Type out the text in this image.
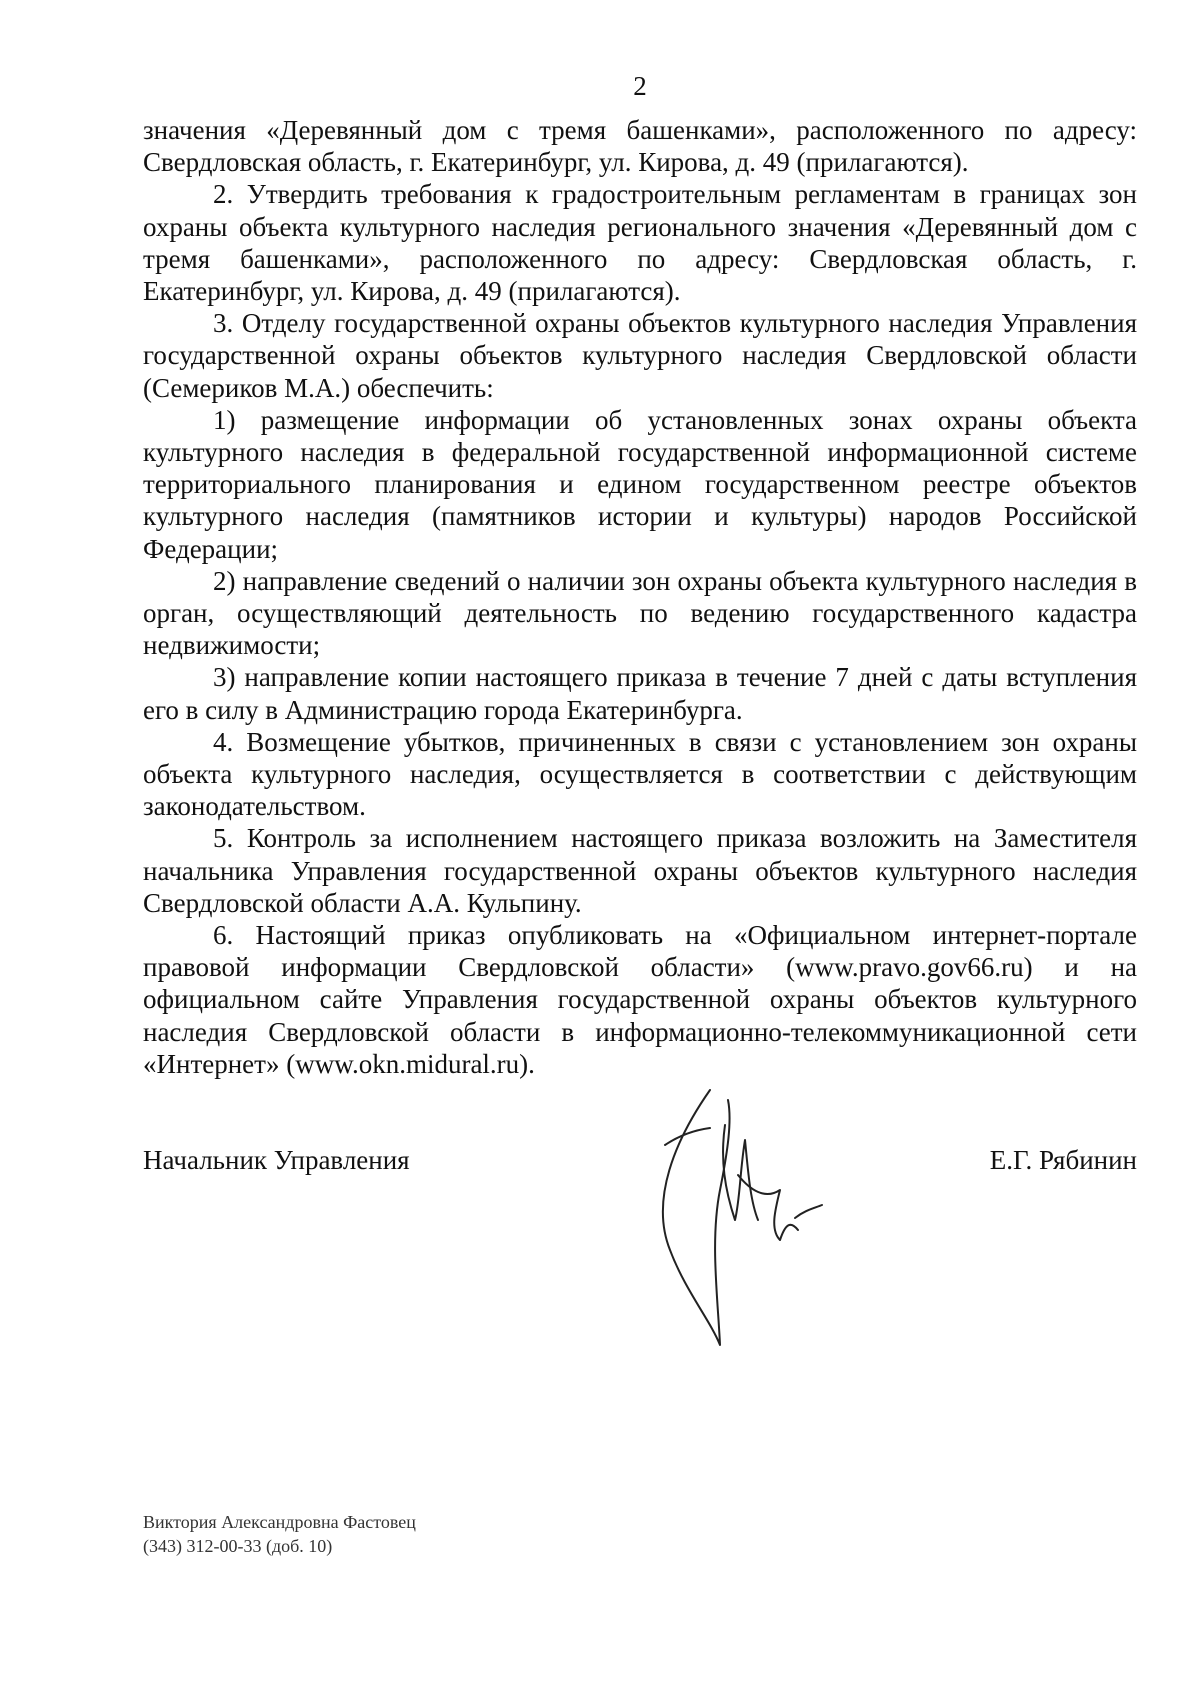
2

значения «Деревянный дом с тремя башенками», расположенного по адресу: Свердловская область, г. Екатеринбург, ул. Кирова, д. 49 (прилагаются).

2. Утвердить требования к градостроительным регламентам в границах зон охраны объекта культурного наследия регионального значения «Деревянный дом с тремя башенками», расположенного по адресу: Свердловская область, г. Екатеринбург, ул. Кирова, д. 49 (прилагаются).

3. Отделу государственной охраны объектов культурного наследия Управления государственной охраны объектов культурного наследия Свердловской области (Семериков М.А.) обеспечить:

1) размещение информации об установленных зонах охраны объекта культурного наследия в федеральной государственной информационной системе территориального планирования и едином государственном реестре объектов культурного наследия (памятников истории и культуры) народов Российской Федерации;

2) направление сведений о наличии зон охраны объекта культурного наследия в орган, осуществляющий деятельность по ведению государственного кадастра недвижимости;

3) направление копии настоящего приказа в течение 7 дней с даты вступления его в силу в Администрацию города Екатеринбурга.

4. Возмещение убытков, причиненных в связи с установлением зон охраны объекта культурного наследия, осуществляется в соответствии с действующим законодательством.

5. Контроль за исполнением настоящего приказа возложить на Заместителя начальника Управления государственной охраны объектов культурного наследия Свердловской области А.А. Кульпину.

6. Настоящий приказ опубликовать на «Официальном интернет-портале правовой информации Свердловской области» (www.pravo.gov66.ru) и на официальном сайте Управления государственной охраны объектов культурного наследия Свердловской области в информационно-телекоммуникационной сети «Интернет» (www.okn.midural.ru).

Начальник Управления	Е.Г. Рябинин
Виктория Александровна Фастовец
(343) 312-00-33 (доб. 10)
